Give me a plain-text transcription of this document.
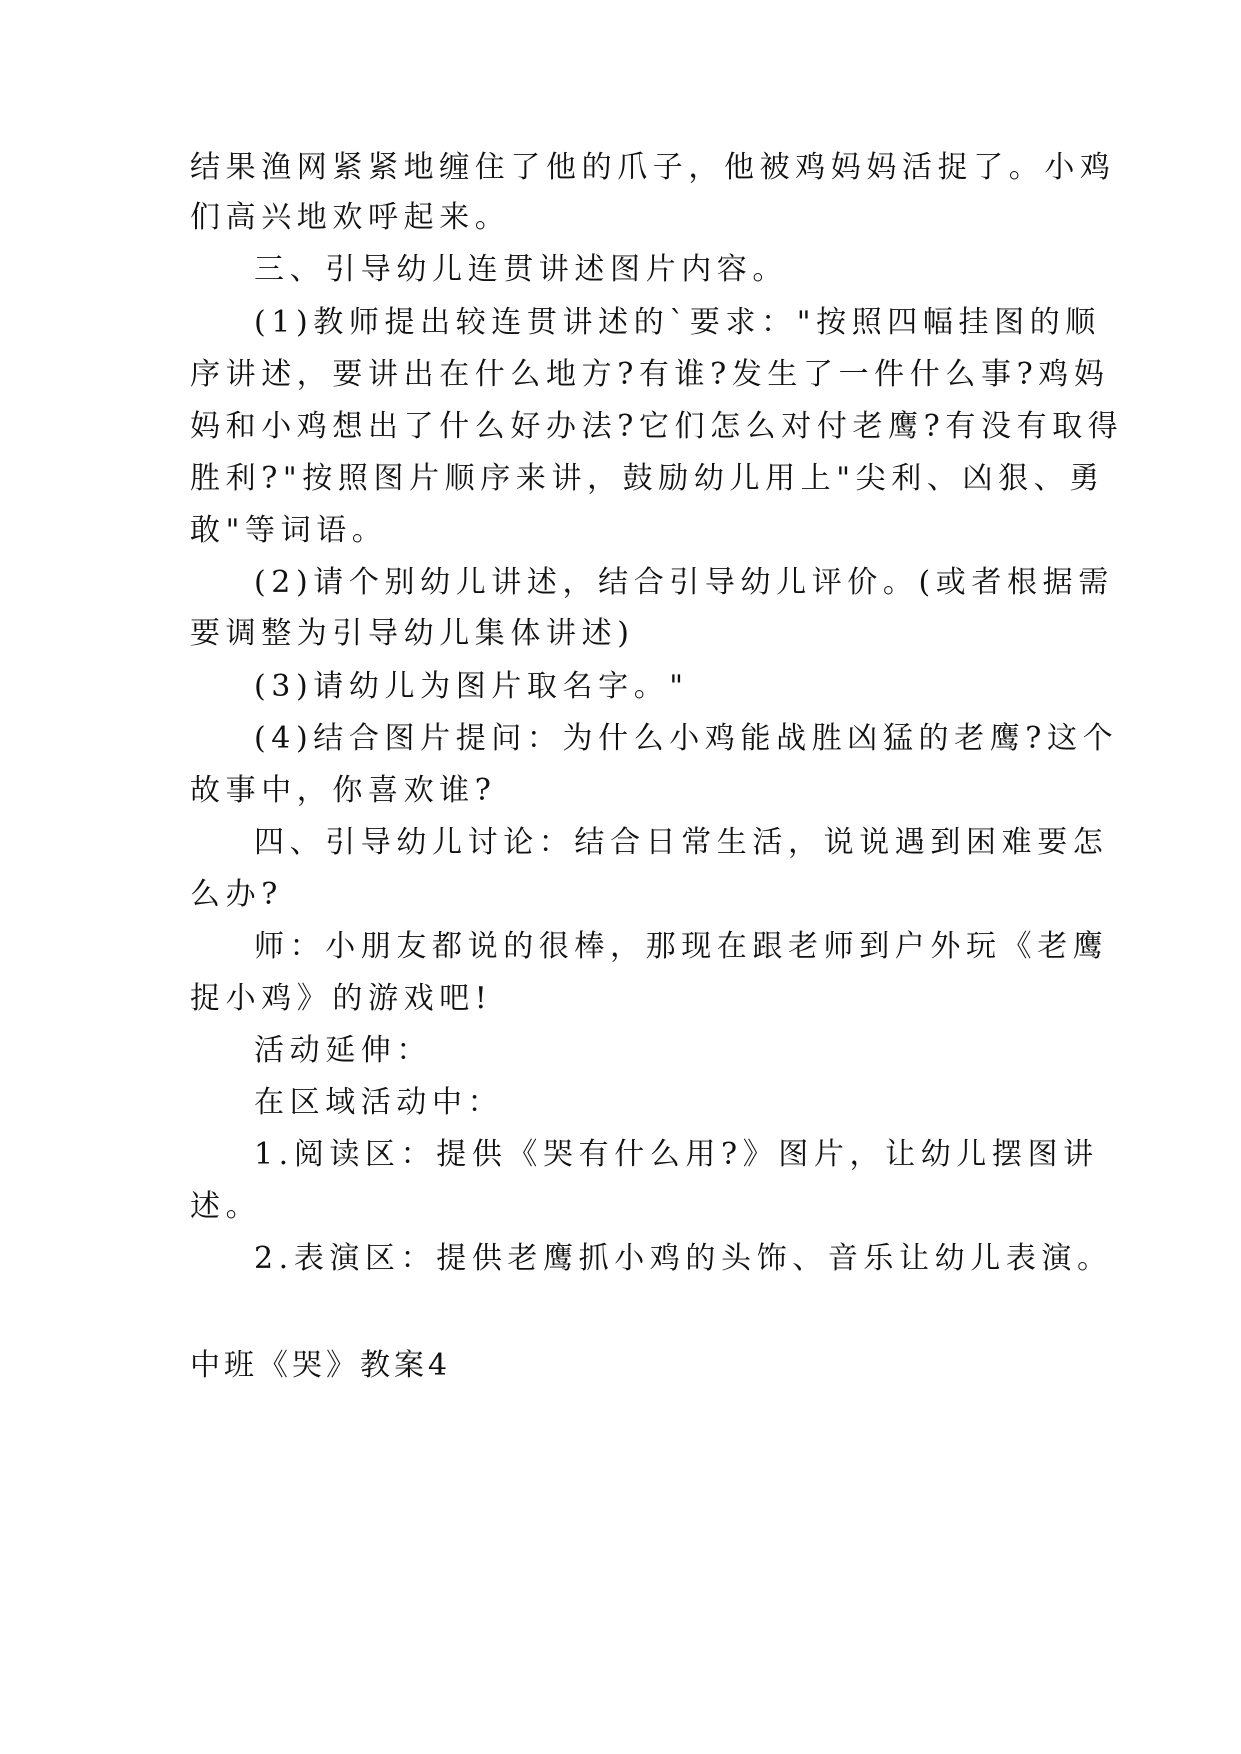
结果渔网紧紧地缠住了他的爪子，他被鸡妈妈活捉了。小鸡
们高兴地欢呼起来。
三、引导幼儿连贯讲述图片内容。
(1)教师提出较连贯讲述的`要求："按照四幅挂图的顺
序讲述，要讲出在什么地方?有谁?发生了一件什么事?鸡妈
妈和小鸡想出了什么好办法?它们怎么对付老鹰?有没有取得
胜利?"按照图片顺序来讲，鼓励幼儿用上"尖利、凶狠、勇
敢"等词语。
(2)请个别幼儿讲述，结合引导幼儿评价。(或者根据需
要调整为引导幼儿集体讲述)
(3)请幼儿为图片取名字。"
(4)结合图片提问：为什么小鸡能战胜凶猛的老鹰?这个
故事中，你喜欢谁?
四、引导幼儿讨论：结合日常生活，说说遇到困难要怎
么办?
师：小朋友都说的很棒，那现在跟老师到户外玩《老鹰
捉小鸡》的游戏吧!
活动延伸：
在区域活动中：
1.阅读区：提供《哭有什么用?》图片，让幼儿摆图讲
述。
2.表演区：提供老鹰抓小鸡的头饰、音乐让幼儿表演。
中班《哭》教案4
